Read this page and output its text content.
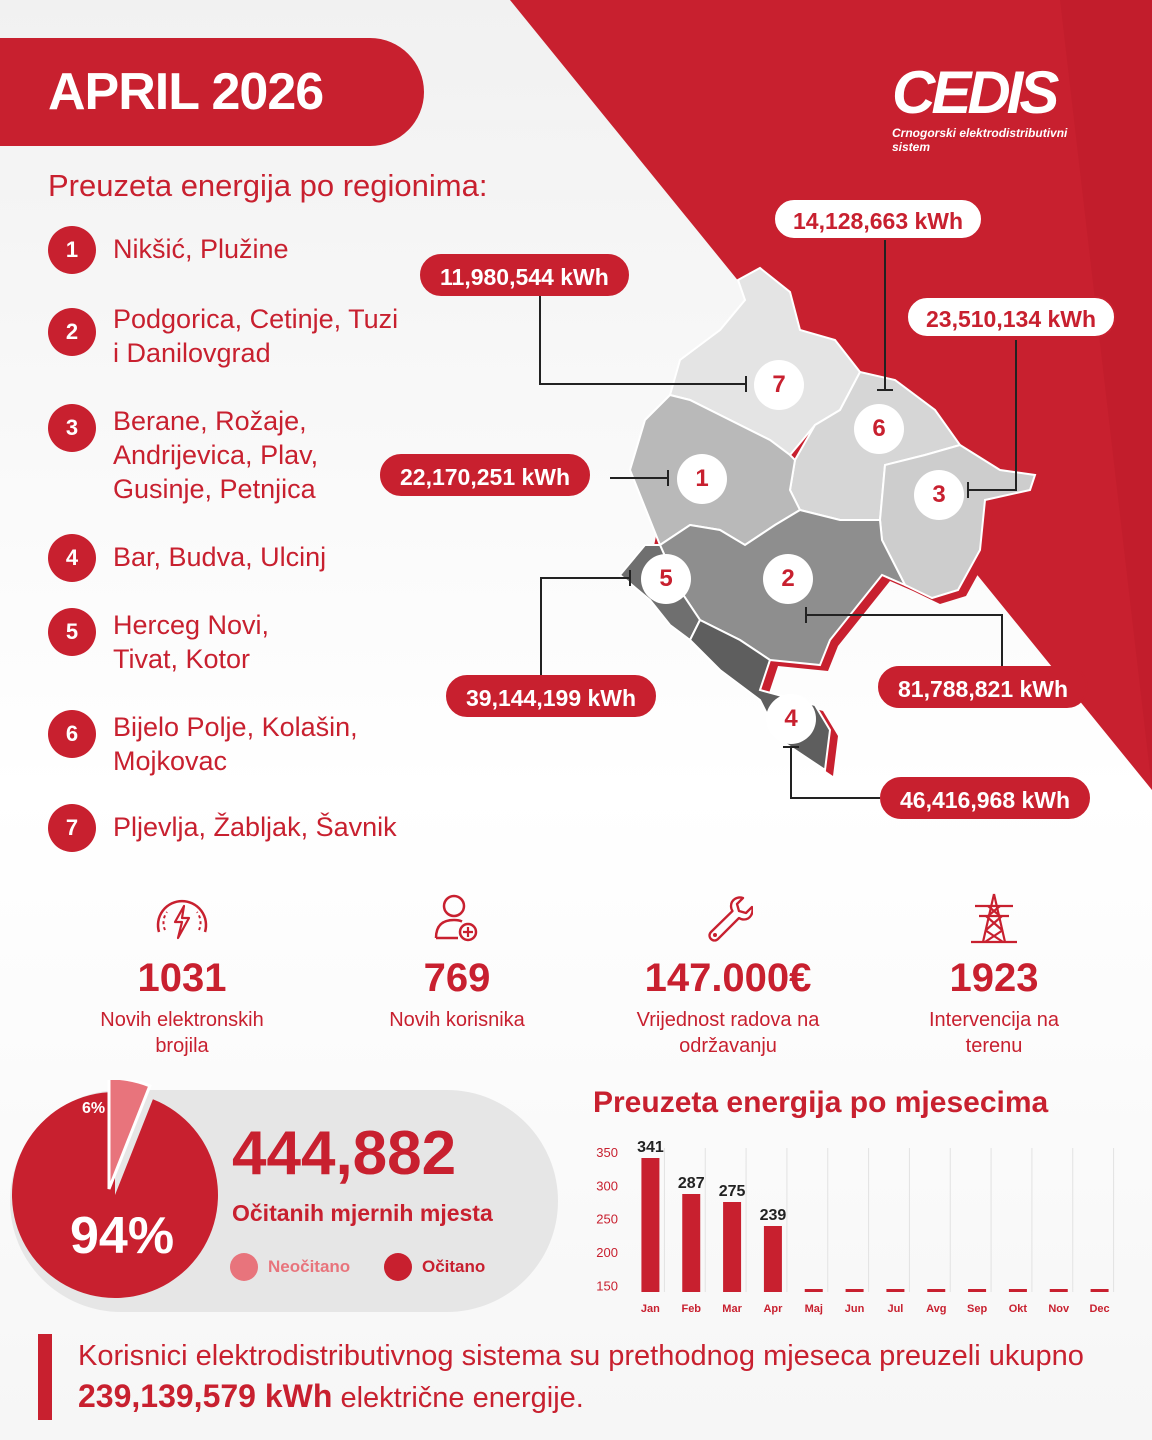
APRIL 2026	CEDIS
Crnogorski elektrodistributivni sistem
Preuzeta energija po regionima:
1	Nikšić, Plužine
2	Podgorica, Cetinje, Tuzi i Danilovgrad
3	Berane, Rožaje, Andrijevica, Plav, Gusinje, Petnjica
4	Bar, Budva, Ulcinj
5	Herceg Novi, Tivat, Kotor
6	Bijelo Polje, Kolašin, Mojkovac
7	Pljevlja, Žabljak, Šavnik
7
6
3
1
2
5
4
11,980,544 kWh
14,128,663 kWh
23,510,134 kWh
22,170,251 kWh
39,144,199 kWh	81,788,821 kWh
46,416,968 kWh
1031
Novih elektronskih brojila
769
Novih korisnika
147.000€
Vrijednost radova na održavanju
1923
Intervencija na terenu
6%
94%
444,882
Očitanih mjernih mjesta
Neočitano	Očitano
Preuzeta energija po mjesecima
350
300
250
200
150
341
Jan
287
Feb
275
Mar
239
Apr Maj Jun Jul Avg Sep Okt Nov Dec
Korisnici elektrodistributivnog sistema su prethodnog mjeseca preuzeli ukupno 239,139,579 kWh električne energije.
